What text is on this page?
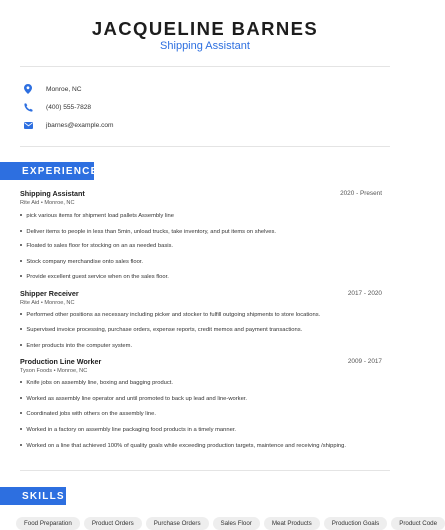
JACQUELINE BARNES
Shipping Assistant
Monroe, NC
(400) 555-7828
jbarnes@example.com
EXPERIENCE
Shipping Assistant	2020 - Present
Rite Aid • Monroe, NC
pick various items for shipment load pallets Assembly line
Deliver items to people in less than 5min, unload trucks, take inventory, and put items on shelves.
Floated to sales floor for stocking on an as needed basis.
Stock company merchandise onto sales floor.
Provide excellent guest service when on the sales floor.
Shipper Receiver	2017 - 2020
Rite Aid • Monroe, NC
Performed other positions as necessary including picker and stocker to fulfill outgoing shipments to store locations.
Supervised invoice processing, purchase orders, expense reports, credit memos and payment transactions.
Enter products into the computer system.
Production Line Worker	2009 - 2017
Tyson Foods • Monroe, NC
Knife jobs on assembly line, boxing and bagging product.
Worked as assembly line operator and until promoted to back up lead and line-worker.
Coordinated jobs with others on the assembly line.
Worked in a factory on assembly line packaging food products in a timely manner.
Worked on a line that achieved 100% of quality goals while exceeding production targets, maintence and receiving /shipping.
SKILLS
Food Preparation	Product Orders	Purchase Orders	Sales Floor	Meat Products	Production Goals	Product Code
